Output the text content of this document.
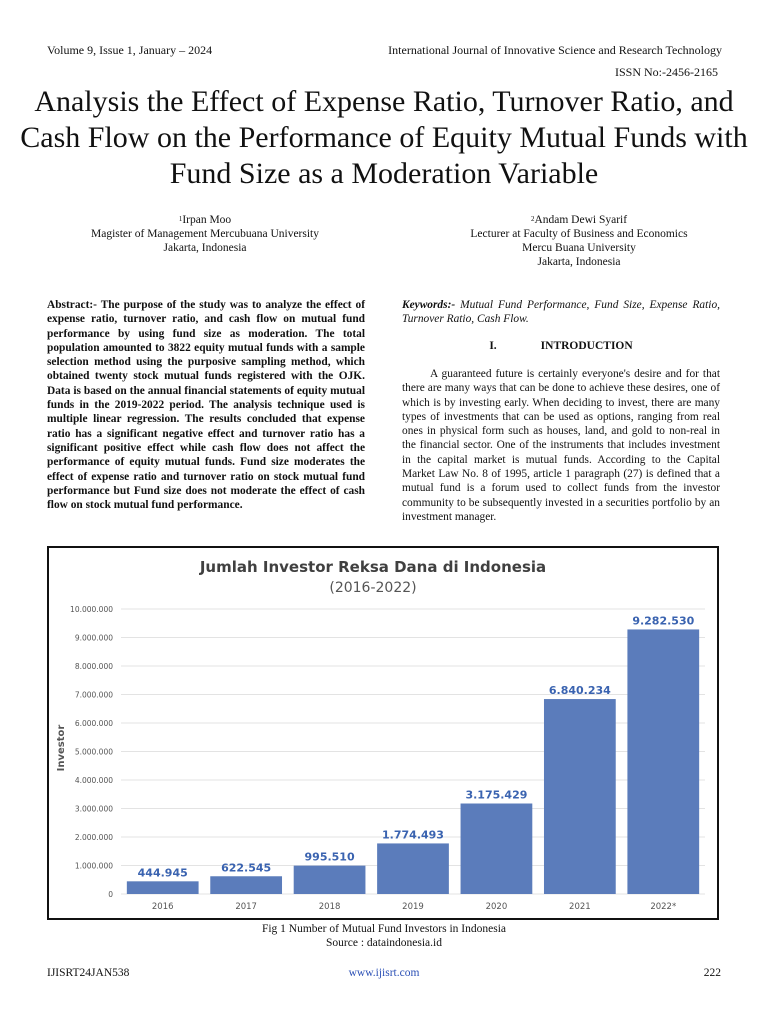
Volume 9, Issue 1, January – 2024	International Journal of Innovative Science and Research Technology
ISSN No:-2456-2165
Analysis the Effect of Expense Ratio, Turnover Ratio, and Cash Flow on the Performance of Equity Mutual Funds with Fund Size as a Moderation Variable
$^1$Irpan Moo
Magister of Management Mercubuana University
Jakarta, Indonesia
$^2$Andam Dewi Syarif
Lecturer at Faculty of Business and Economics
Mercu Buana University
Jakarta, Indonesia
Abstract:- The purpose of the study was to analyze the effect of expense ratio, turnover ratio, and cash flow on mutual fund performance by using fund size as moderation. The total population amounted to 3822 equity mutual funds with a sample selection method using the purposive sampling method, which obtained twenty stock mutual funds registered with the OJK. Data is based on the annual financial statements of equity mutual funds in the 2019-2022 period. The analysis technique used is multiple linear regression. The results concluded that expense ratio has a significant negative effect and turnover ratio has a significant positive effect while cash flow does not affect the performance of equity mutual funds. Fund size moderates the effect of expense ratio and turnover ratio on stock mutual fund performance but Fund size does not moderate the effect of cash flow on stock mutual fund performance.
Keywords:- Mutual Fund Performance, Fund Size, Expense Ratio, Turnover Ratio, Cash Flow.
I.	INTRODUCTION
A guaranteed future is certainly everyone's desire and for that there are many ways that can be done to achieve these desires, one of which is by investing early. When deciding to invest, there are many types of investments that can be used as options, ranging from real ones in physical form such as houses, land, and gold to non-real in the financial sector. One of the instruments that includes investment in the capital market is mutual funds. According to the Capital Market Law No. 8 of 1995, article 1 paragraph (27) is defined that a mutual fund is a forum used to collect funds from the investor community to be subsequently invested in a securities portfolio by an investment manager.
Jumlah Investor Reksa Dana di Indonesia
(2016-2022)
Investor
0
1.000.000
2.000.000
3.000.000
4.000.000
5.000.000
6.000.000
7.000.000
8.000.000
9.000.000
10.000.000
444.945	622.545
995.510
1.774.493
3.175.429
6.840.234
9.282.530
2016	2017	2018	2019	2020	2021	2022*
Fig 1 Number of Mutual Fund Investors in Indonesia
Source : dataindonesia.id
IJISRT24JAN538	www.ijisrt.com	222
